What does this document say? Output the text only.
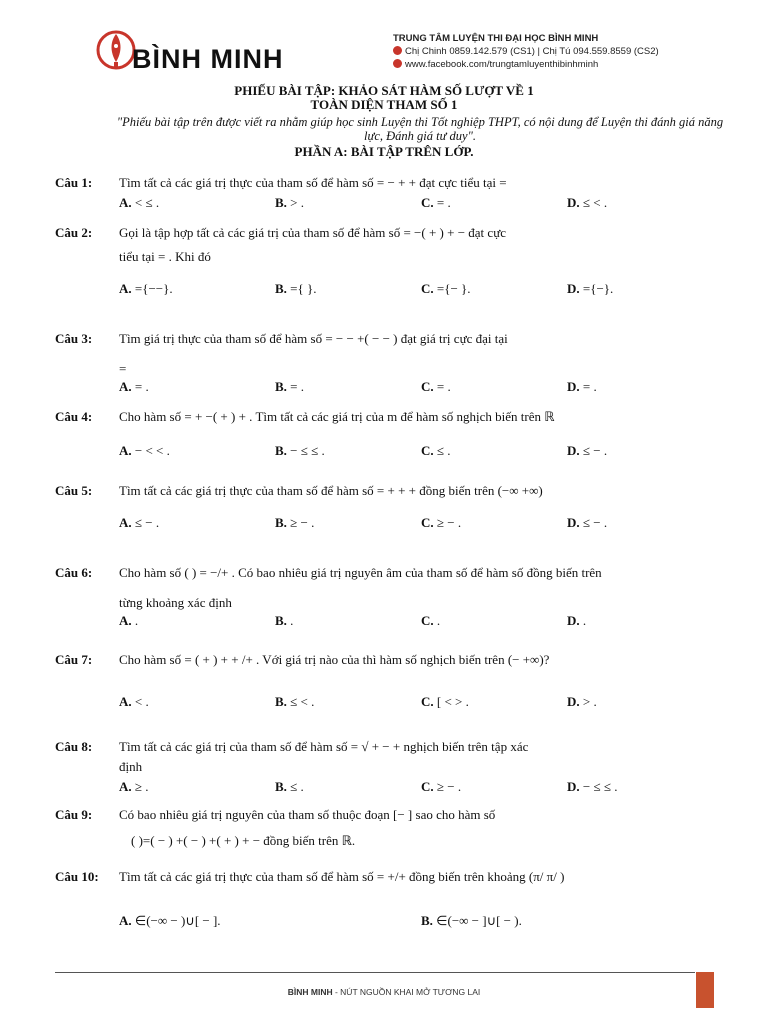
BÌNH MINH
TRUNG TÂM LUYỆN THI ĐẠI HỌC BÌNH MINH
Chị Chinh 0859.142.579 (CS1) | Chị Tú 094.559.8559 (CS2)
www.facebook.com/trungtamluyenthibinhminh
PHIẾU BÀI TẬP: KHẢO SÁT HÀM SỐ LƯỢT VỀ 1
TOÀN DIỆN THAM SỐ 1
"Phiếu bài tập trên được viết ra nhằm giúp học sinh Luyện thi Tốt nghiệp THPT, có nội dung để Luyện thi đánh giá năng lực, Đánh giá tư duy".
PHẦN A: BÀI TẬP TRÊN LỚP.
Câu 1: Tìm tất cả các giá trị thực của tham số để hàm số = − + + đạt cực tiểu tại =
A. < ≤ .	B. > .	C. = .	D. ≤ < .
Câu 2: Gọi là tập hợp tất cả các giá trị của tham số để hàm số = −( + ) + − đạt cực
tiểu tại = . Khi đó
A. ={−−}.	B. ={ }.	C. ={− }.	D. ={−}.
Câu 3: Tìm giá trị thực của tham số để hàm số = − − +( − − ) đạt giá trị cực đại tại
=
A. = .	B. = .	C. = .	D. = .
Câu 4: Cho hàm số = + −( + ) + . Tìm tất cả các giá trị của m để hàm số nghịch biến trên ℝ
A. − < < .	B. − ≤ ≤ .	C. ≤ .	D. ≤ − .
Câu 5: Tìm tất cả các giá trị thực của tham số để hàm số = + + + đồng biến trên (−∞ +∞)
A. ≤ − .	B. ≥ − .	C. ≥ − .	D. ≤ − .
Câu 6: Cho hàm số ( ) = −/+ . Có bao nhiêu giá trị nguyên âm của tham số để hàm số đồng biến trên
từng khoảng xác định
A. .	B. .	C. .	D. .
Câu 7: Cho hàm số = ( + ) + + /+ . Với giá trị nào của thì hàm số nghịch biến trên (− +∞)?
A. < .	B. ≤ < .	C. [ < > .	D. > .
Câu 8: Tìm tất cả các giá trị của tham số để hàm số = √ + − + nghịch biến trên tập xác
định
A. ≥ .	B. ≤ .	C. ≥ − .	D. − ≤ ≤ .
Câu 9: Có bao nhiêu giá trị nguyên của tham số thuộc đoạn [− ] sao cho hàm số
( )=( − ) +( − ) +( + ) + − đồng biến trên ℝ.
Câu 10: Tìm tất cả các giá trị thực của tham số để hàm số = +/+ đồng biến trên khoảng (π/ π/ )
A. ∈(−∞ − )∪[ − ].	B. ∈(−∞ − ]∪[ − ).
BÌNH MINH - NÚT NGUỒN KHAI MỞ TƯƠNG LAI
